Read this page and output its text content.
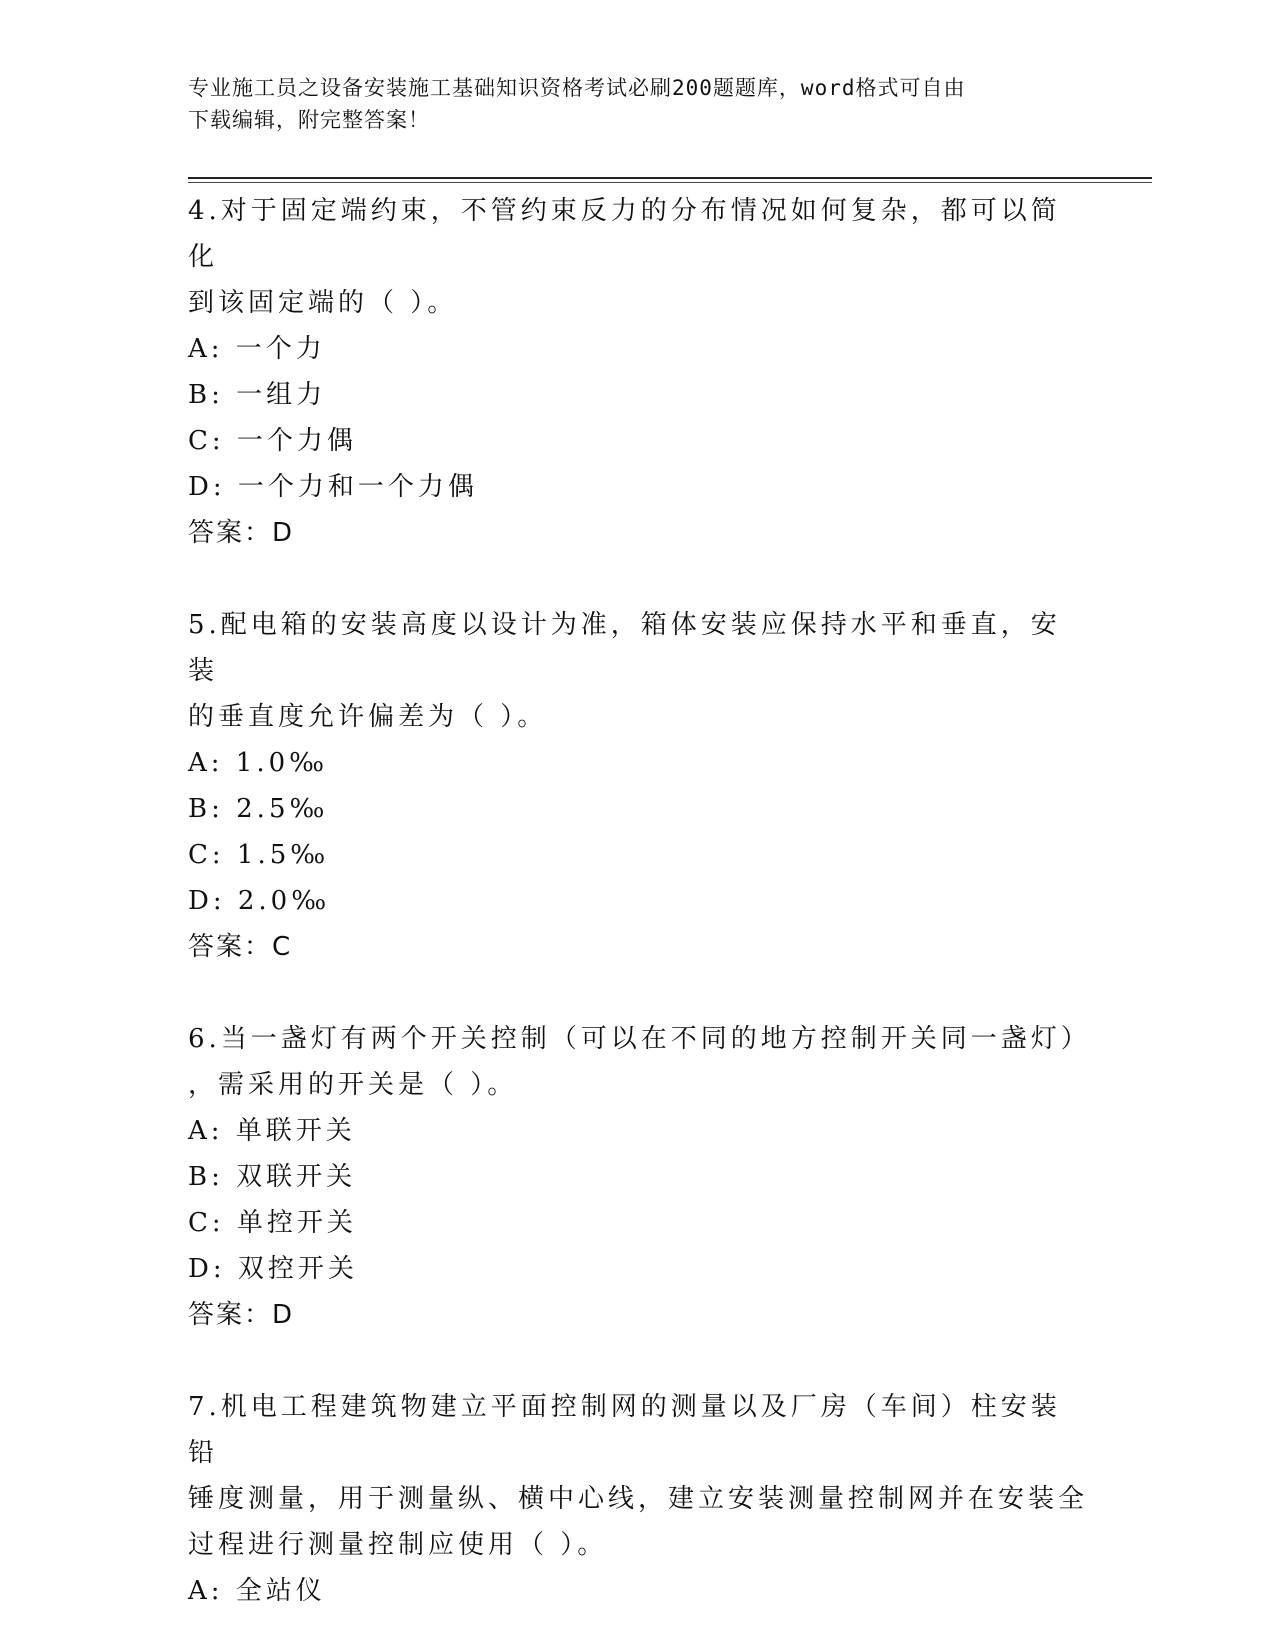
专业施工员之设备安装施工基础知识资格考试必刷200题题库，word格式可自由
下载编辑，附完整答案！

4.对于固定端约束，不管约束反力的分布情况如何复杂，都可以简化

到该固定端的（ ）。

A: 一个力

B: 一组力

C: 一个力偶

D: 一个力和一个力偶

答案：D

5.配电箱的安装高度以设计为准，箱体安装应保持水平和垂直，安装

的垂直度允许偏差为（ ）。

A: 1.0‰

B: 2.5‰

C: 1.5‰

D: 2.0‰

答案：C

6.当一盏灯有两个开关控制（可以在不同的地方控制开关同一盏灯）

，需采用的开关是（ ）。

A: 单联开关

B: 双联开关

C: 单控开关

D: 双控开关

答案：D

7.机电工程建筑物建立平面控制网的测量以及厂房（车间）柱安装铅

锤度测量，用于测量纵、横中心线，建立安装测量控制网并在安装全

过程进行测量控制应使用（ ）。

A: 全站仪
